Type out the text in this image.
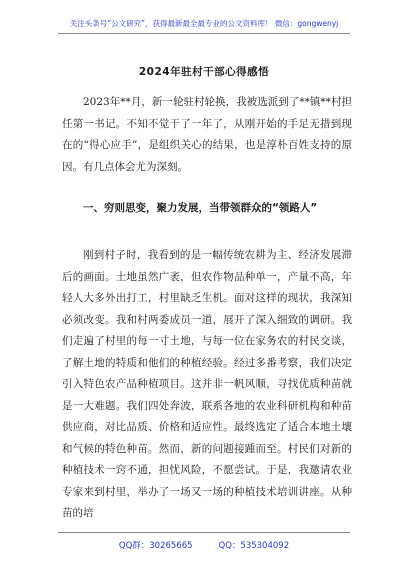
关注头条号“公文研究”，获得最新最全最专业的公文资料库！ 微信：gongwenyj
2024年驻村干部心得感悟

2023年**月，新一轮驻村轮换，我被选派到了**镇**村担任第一书记。不知不觉干了一年了，从刚开始的手足无措到现在的“得心应手”，是组织关心的结果，也是淳朴百姓支持的原因。有几点体会尤为深刻。

一、穷则思变，聚力发展，当带领群众的“领路人”

刚到村子时，我看到的是一幅传统农耕为主、经济发展滞后的画面。土地虽然广袤，但农作物品种单一，产量不高，年轻人大多外出打工，村里缺乏生机。面对这样的现状，我深知必须改变。我和村两委成员一道，展开了深入细致的调研。我们走遍了村里的每一寸土地，与每一位在家务农的村民交谈，了解土地的特质和他们的种植经验。经过多番考察，我们决定引入特色农产品种植项目。这并非一帆风顺，寻找优质种苗就是一大难题。我们四处奔波，联系各地的农业科研机构和种苗供应商，对比品质、价格和适应性。最终选定了适合本地土壤和气候的特色种苗。然而，新的问题接踵而至。村民们对新的种植技术一窍不通，担忧风险，不愿尝试。于是，我邀请农业专家来到村里，举办了一场又一场的种植技术培训讲座。从种苗的培

QQ群：30265665	QQ：535304092
